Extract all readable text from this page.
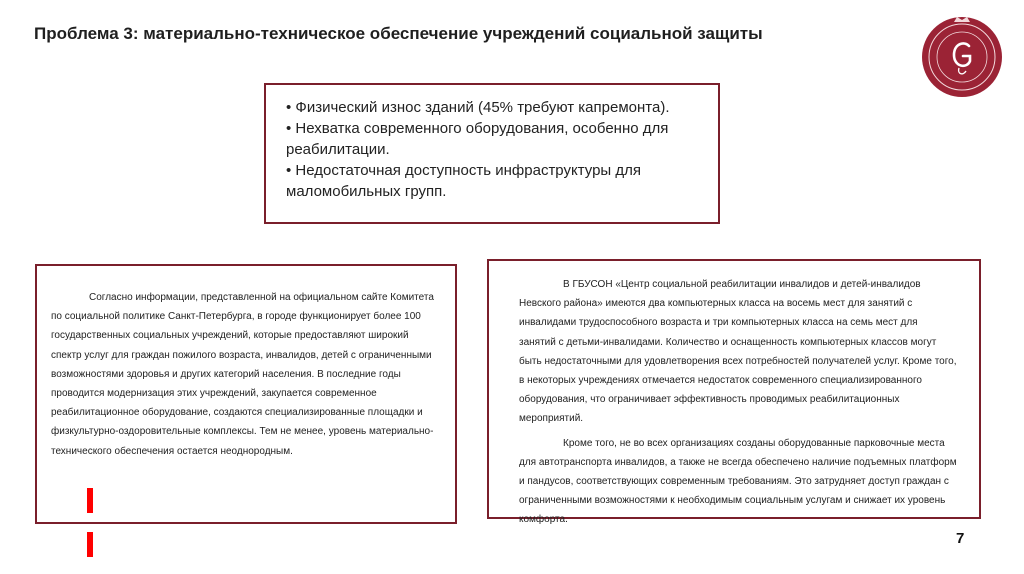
Проблема 3: материально-техническое обеспечение учреждений социальной защиты
• Физический износ зданий (45% требуют капремонта).
• Нехватка современного оборудования, особенно для реабилитации.
• Недостаточная доступность инфраструктуры для маломобильных групп.

Согласно информации, представленной на официальном сайте Комитета по социальной политике Санкт-Петербурга, в городе функционирует более 100 государственных социальных учреждений, которые предоставляют широкий спектр услуг для граждан пожилого возраста, инвалидов, детей с ограниченными возможностями здоровья и других категорий населения. В последние годы проводится модернизация этих учреждений, закупается современное реабилитационное оборудование, создаются специализированные площадки и физкультурно-оздоровительные комплексы. Тем не менее, уровень материально-технического обеспечения остается неоднородным.

В ГБУСОН «Центр социальной реабилитации инвалидов и детей-инвалидов Невского района» имеются два компьютерных класса на восемь мест для занятий с инвалидами трудоспособного возраста и три компьютерных класса на семь мест для занятий с детьми-инвалидами. Количество и оснащенность компьютерных классов могут быть недостаточными для удовлетворения всех потребностей получателей услуг. Кроме того, в некоторых учреждениях отмечается недостаток современного специализированного оборудования, что ограничивает эффективность проводимых реабилитационных мероприятий.

Кроме того, не во всех организациях созданы оборудованные парковочные места для автотранспорта инвалидов, а также не всегда обеспечено наличие подъемных платформ и пандусов, соответствующих современным требованиям. Это затрудняет доступ граждан с ограниченными возможностями к необходимым социальным услугам и снижает их уровень комфорта.

7
